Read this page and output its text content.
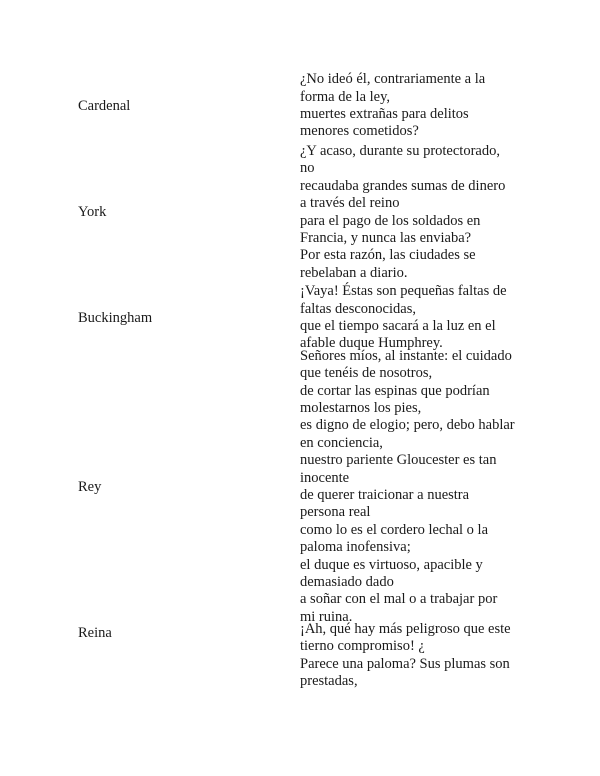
Cardenal
¿No ideó él, contrariamente a la forma de la ley,
muertes extrañas para delitos menores cometidos?
York
¿Y acaso, durante su protectorado, no
recaudaba grandes sumas de dinero a través del reino
para el pago de los soldados en Francia, y nunca las enviaba?
Por esta razón, las ciudades se rebelaban a diario.
Buckingham
¡Vaya! Éstas son pequeñas faltas de faltas desconocidas,
que el tiempo sacará a la luz en el afable duque Humphrey.
Rey
Señores míos, al instante: el cuidado que tenéis de nosotros,
de cortar las espinas que podrían molestarnos los pies,
es digno de elogio; pero, debo hablar en conciencia,
nuestro pariente Gloucester es tan inocente
de querer traicionar a nuestra persona real
como lo es el cordero lechal o la paloma inofensiva;
el duque es virtuoso, apacible y demasiado dado
a soñar con el mal o a trabajar por mi ruina.
Reina	¡Ah, qué hay más peligroso que este tierno compromiso! ¿
Parece una paloma? Sus plumas son prestadas,
